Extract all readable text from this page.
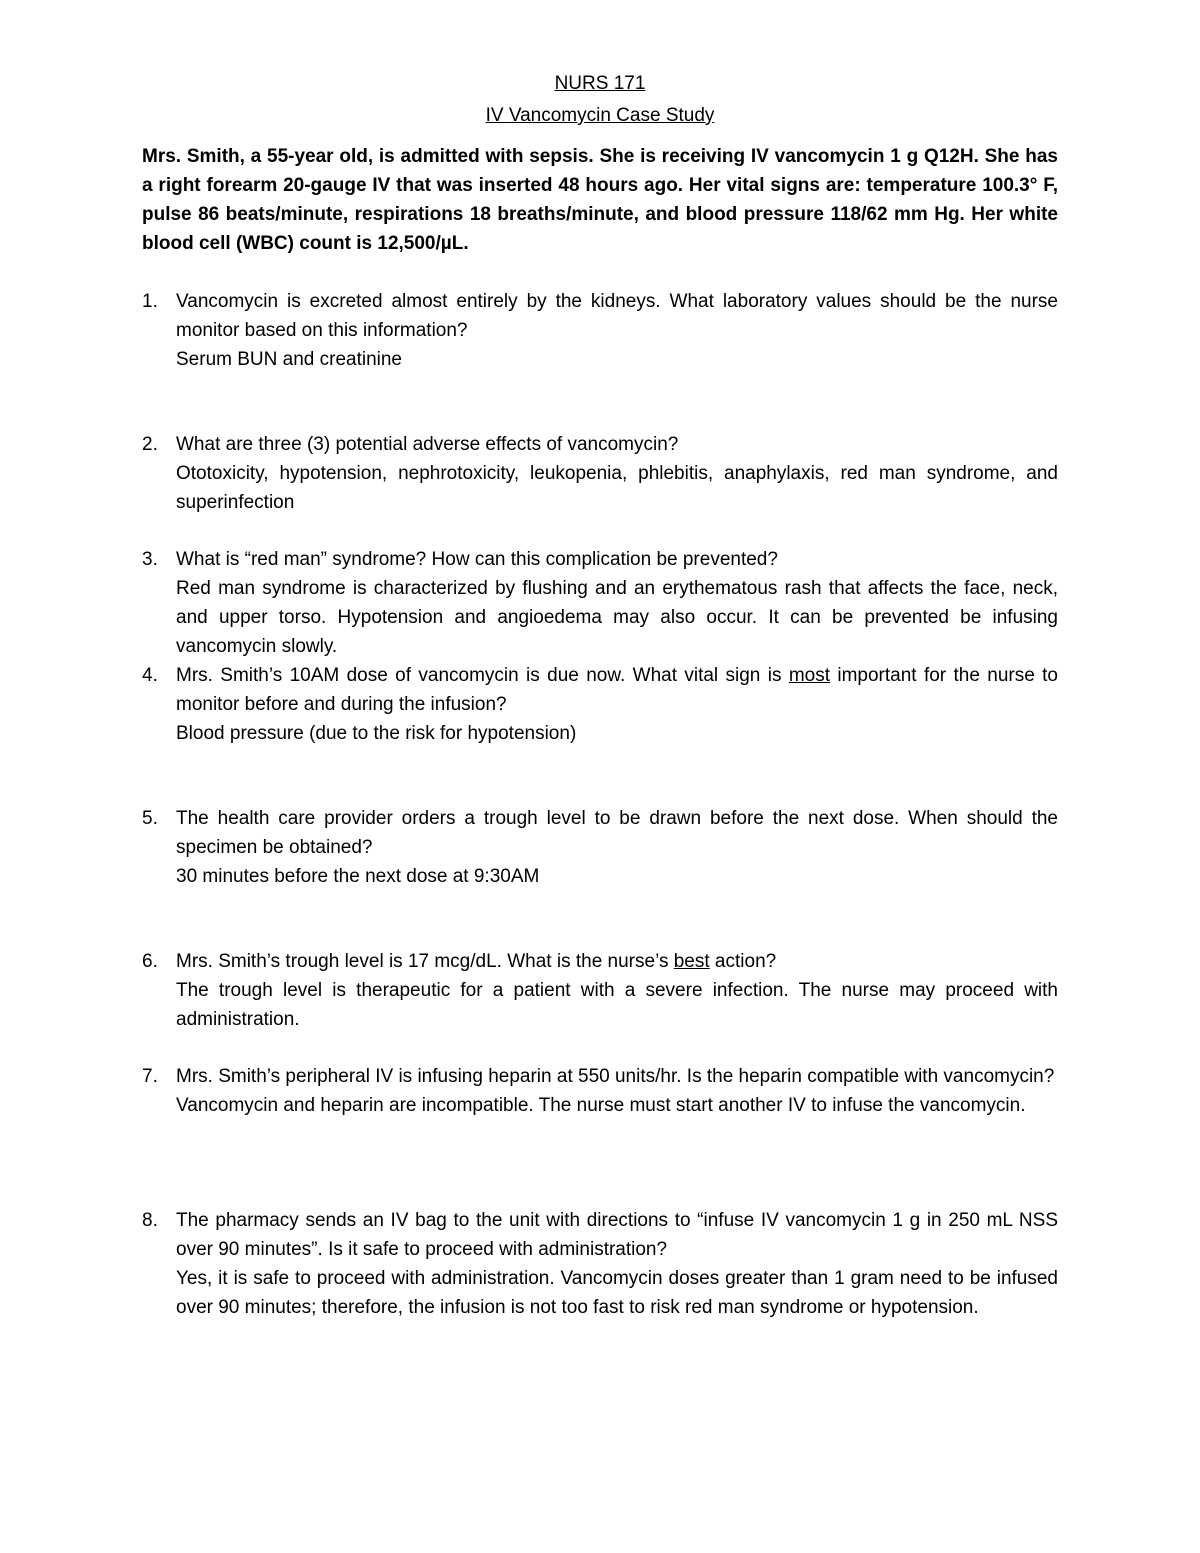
NURS 171
IV Vancomycin Case Study
Mrs. Smith, a 55-year old, is admitted with sepsis. She is receiving IV vancomycin 1 g Q12H. She has a right forearm 20-gauge IV that was inserted 48 hours ago. Her vital signs are: temperature 100.3° F, pulse 86 beats/minute, respirations 18 breaths/minute, and blood pressure 118/62 mm Hg. Her white blood cell (WBC) count is 12,500/µL.
1. Vancomycin is excreted almost entirely by the kidneys. What laboratory values should be the nurse monitor based on this information?
Serum BUN and creatinine
2. What are three (3) potential adverse effects of vancomycin?
Ototoxicity, hypotension, nephrotoxicity, leukopenia, phlebitis, anaphylaxis, red man syndrome, and superinfection
3. What is “red man” syndrome? How can this complication be prevented?
Red man syndrome is characterized by flushing and an erythematous rash that affects the face, neck, and upper torso. Hypotension and angioedema may also occur. It can be prevented be infusing vancomycin slowly.
4. Mrs. Smith’s 10AM dose of vancomycin is due now. What vital sign is most important for the nurse to monitor before and during the infusion?
Blood pressure (due to the risk for hypotension)
5. The health care provider orders a trough level to be drawn before the next dose. When should the specimen be obtained?
30 minutes before the next dose at 9:30AM
6. Mrs. Smith’s trough level is 17 mcg/dL. What is the nurse’s best action?
The trough level is therapeutic for a patient with a severe infection. The nurse may proceed with administration.
7. Mrs. Smith’s peripheral IV is infusing heparin at 550 units/hr. Is the heparin compatible with vancomycin?
Vancomycin and heparin are incompatible. The nurse must start another IV to infuse the vancomycin.
8. The pharmacy sends an IV bag to the unit with directions to “infuse IV vancomycin 1 g in 250 mL NSS over 90 minutes”. Is it safe to proceed with administration?
Yes, it is safe to proceed with administration. Vancomycin doses greater than 1 gram need to be infused over 90 minutes; therefore, the infusion is not too fast to risk red man syndrome or hypotension.
